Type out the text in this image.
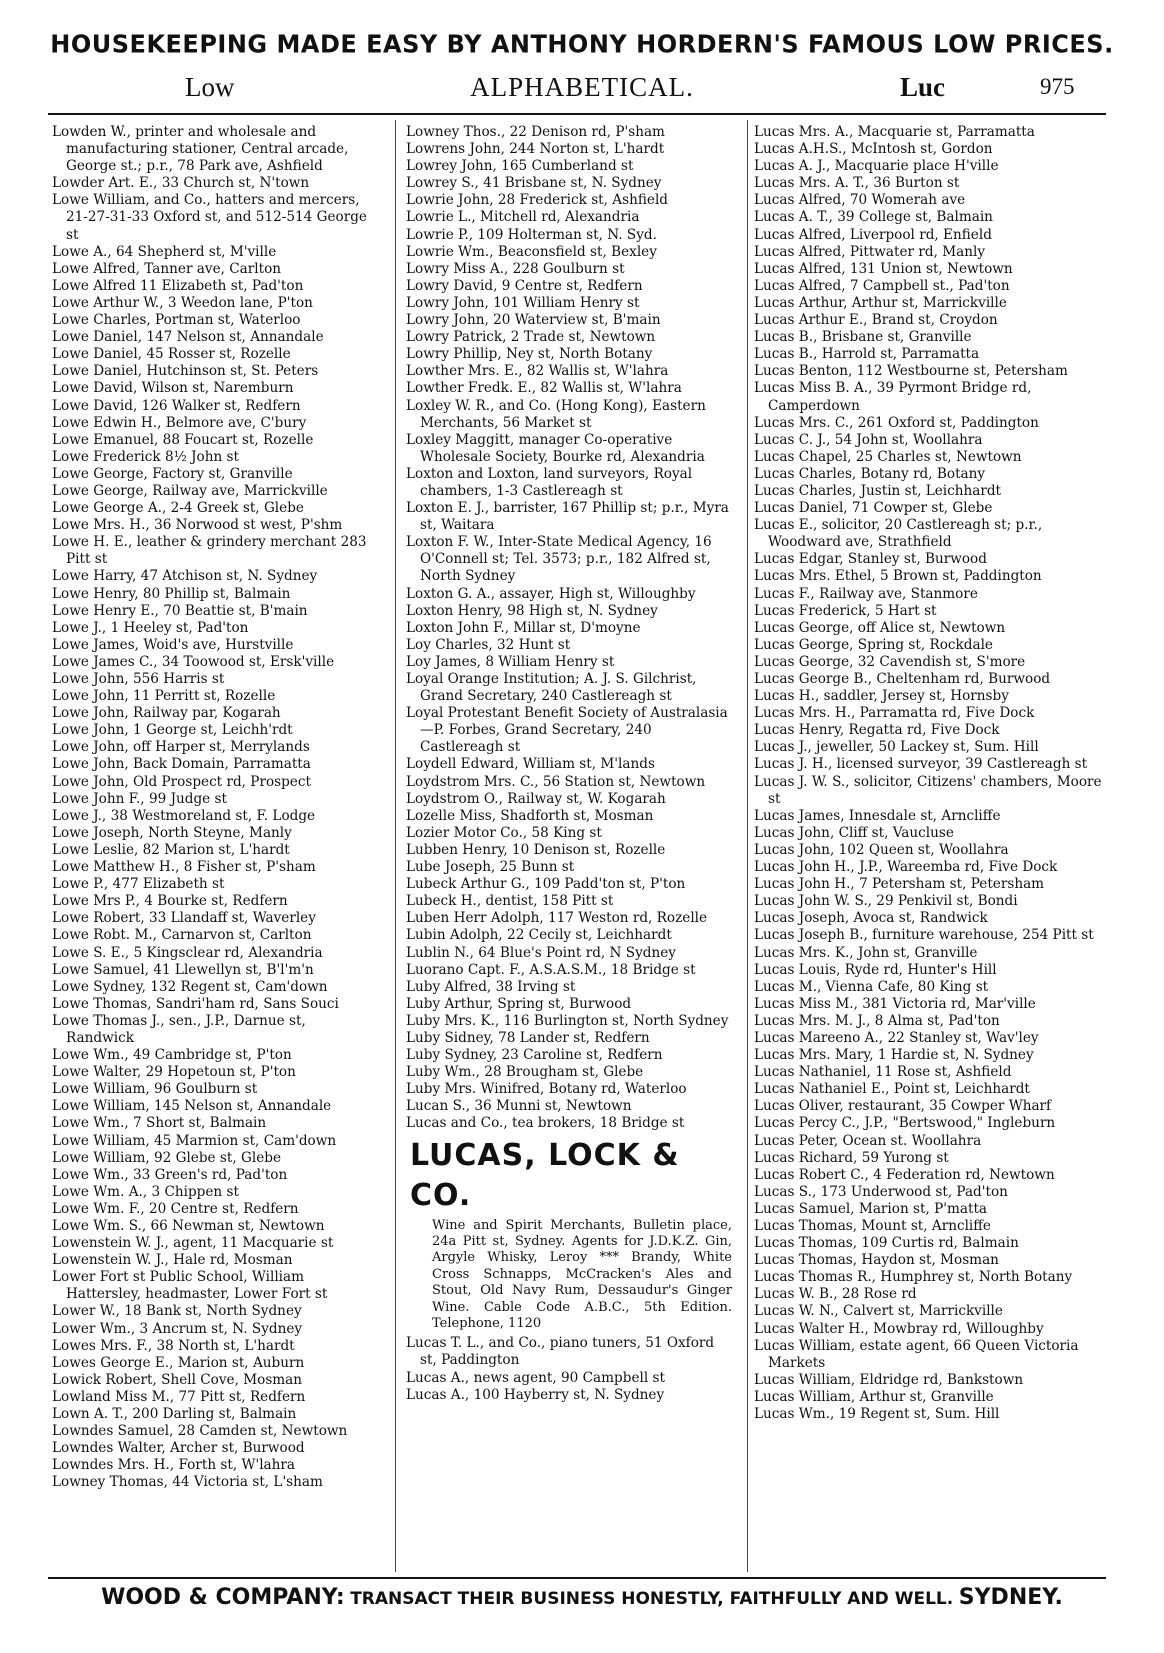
HOUSEKEEPING MADE EASY BY ANTHONY HORDERN'S FAMOUS LOW PRICES.
Low	ALPHABETICAL.	Luc	975
Lowden W., printer and wholesale and manufacturing stationer, Central arcade, George st.; p.r., 78 Park ave, Ashfield
Lowder Art. E., 33 Church st, N'town
Lowe William, and Co., hatters and mercers, 21-27-31-33 Oxford st, and 512-514 George st
Lowe A., 64 Shepherd st, M'ville
Lowe Alfred, Tanner ave, Carlton
Lowe Alfred 11 Elizabeth st, Pad'ton
Lowe Arthur W., 3 Weedon lane, P'ton
Lowe Charles, Portman st, Waterloo
Lowe Daniel, 147 Nelson st, Annandale
Lowe Daniel, 45 Rosser st, Rozelle
Lowe Daniel, Hutchinson st, St. Peters
Lowe David, Wilson st, Naremburn
Lowe David, 126 Walker st, Redfern
Lowe Edwin H., Belmore ave, C'bury
Lowe Emanuel, 88 Foucart st, Rozelle
Lowe Frederick 8½ John st
Lowe George, Factory st, Granville
Lowe George, Railway ave, Marrickville
Lowe George A., 2-4 Greek st, Glebe
Lowe Mrs. H., 36 Norwood st west, P'shm
Lowe H. E., leather & grindery merchant 283 Pitt st
Lowe Harry, 47 Atchison st, N. Sydney
Lowe Henry, 80 Phillip st, Balmain
Lowe Henry E., 70 Beattie st, B'main
Lowe J., 1 Heeley st, Pad'ton
Lowe James, Woid's ave, Hurstville
Lowe James C., 34 Toowood st, Ersk'ville
Lowe John, 556 Harris st
Lowe John, 11 Perritt st, Rozelle
Lowe John, Railway par, Kogarah
Lowe John, 1 George st, Leichh'rdt
Lowe John, off Harper st, Merrylands
Lowe John, Back Domain, Parramatta
Lowe John, Old Prospect rd, Prospect
Lowe John F., 99 Judge st
Lowe J., 38 Westmoreland st, F. Lodge
Lowe Joseph, North Steyne, Manly
Lowe Leslie, 82 Marion st, L'hardt
Lowe Matthew H., 8 Fisher st, P'sham
Lowe P., 477 Elizabeth st
Lowe Mrs P., 4 Bourke st, Redfern
Lowe Robert, 33 Llandaff st, Waverley
Lowe Robt. M., Carnarvon st, Carlton
Lowe S. E., 5 Kingsclear rd, Alexandria
Lowe Samuel, 41 Llewellyn st, B'l'm'n
Lowe Sydney, 132 Regent st, Cam'down
Lowe Thomas, Sandri'ham rd, Sans Souci
Lowe Thomas J., sen., J.P., Darnue st, Randwick
Lowe Wm., 49 Cambridge st, P'ton
Lowe Walter, 29 Hopetoun st, P'ton
Lowe William, 96 Goulburn st
Lowe William, 145 Nelson st, Annandale
Lowe Wm., 7 Short st, Balmain
Lowe William, 45 Marmion st, Cam'down
Lowe William, 92 Glebe st, Glebe
Lowe Wm., 33 Green's rd, Pad'ton
Lowe Wm. A., 3 Chippen st
Lowe Wm. F., 20 Centre st, Redfern
Lowe Wm. S., 66 Newman st, Newtown
Lowenstein W. J., agent, 11 Macquarie st
Lowenstein W. J., Hale rd, Mosman
Lower Fort st Public School, William Hattersley, headmaster, Lower Fort st
Lower W., 18 Bank st, North Sydney
Lower Wm., 3 Ancrum st, N. Sydney
Lowes Mrs. F., 38 North st, L'hardt
Lowes George E., Marion st, Auburn
Lowick Robert, Shell Cove, Mosman
Lowland Miss M., 77 Pitt st, Redfern
Lown A. T., 200 Darling st, Balmain
Lowndes Samuel, 28 Camden st, Newtown
Lowndes Walter, Archer st, Burwood
Lowndes Mrs. H., Forth st, W'lahra
Lowney Thomas, 44 Victoria st, L'sham
Lowney Thos., 22 Denison rd, P'sham
Lowrens John, 244 Norton st, L'hardt
Lowrey John, 165 Cumberland st
Lowrey S., 41 Brisbane st, N. Sydney
Lowrie John, 28 Frederick st, Ashfield
Lowrie L., Mitchell rd, Alexandria
Lowrie P., 109 Holterman st, N. Syd.
Lowrie Wm., Beaconsfield st, Bexley
Lowry Miss A., 228 Goulburn st
Lowry David, 9 Centre st, Redfern
Lowry John, 101 William Henry st
Lowry John, 20 Waterview st, B'main
Lowry Patrick, 2 Trade st, Newtown
Lowry Phillip, Ney st, North Botany
Lowther Mrs. E., 82 Wallis st, W'lahra
Lowther Fredk. E., 82 Wallis st, W'lahra
Loxley W. R., and Co. (Hong Kong), Eastern Merchants, 56 Market st
Loxley Maggitt, manager Co-operative Wholesale Society, Bourke rd, Alexandria
Loxton and Loxton, land surveyors, Royal chambers, 1-3 Castlereagh st
Loxton E. J., barrister, 167 Phillip st; p.r., Myra st, Waitara
Loxton F. W., Inter-State Medical Agency, 16 O'Connell st; Tel. 3573; p.r., 182 Alfred st, North Sydney
Loxton G. A., assayer, High st, Willoughby
Loxton Henry, 98 High st, N. Sydney
Loxton John F., Millar st, D'moyne
Loy Charles, 32 Hunt st
Loy James, 8 William Henry st
Loyal Orange Institution; A. J. S. Gilchrist, Grand Secretary, 240 Castlereagh st
Loyal Protestant Benefit Society of Australasia—P. Forbes, Grand Secretary, 240 Castlereagh st
Loydell Edward, William st, M'lands
Loydstrom Mrs. C., 56 Station st, Newtown
Loydstrom O., Railway st, W. Kogarah
Lozelle Miss, Shadforth st, Mosman
Lozier Motor Co., 58 King st
Lubben Henry, 10 Denison st, Rozelle
Lube Joseph, 25 Bunn st
Lubeck Arthur G., 109 Padd'ton st, P'ton
Lubeck H., dentist, 158 Pitt st
Luben Herr Adolph, 117 Weston rd, Rozelle
Lubin Adolph, 22 Cecily st, Leichhardt
Lublin N., 64 Blue's Point rd, N Sydney
Luorano Capt. F., A.S.A.S.M., 18 Bridge st
Luby Alfred, 38 Irving st
Luby Arthur, Spring st, Burwood
Luby Mrs. K., 116 Burlington st, North Sydney
Luby Sidney, 78 Lander st, Redfern
Luby Sydney, 23 Caroline st, Redfern
Luby Wm., 28 Brougham st, Glebe
Luby Mrs. Winifred, Botany rd, Waterloo
Lucan S., 36 Munni st, Newtown
Lucas and Co., tea brokers, 18 Bridge st
LUCAS, LOCK & CO.
Wine and Spirit Merchants, Bulletin place, 24a Pitt st, Sydney. Agents for J.D.K.Z. Gin, Argyle Whisky, Leroy *** Brandy, White Cross Schnapps, McCracken's Ales and Stout, Old Navy Rum, Dessaudur's Ginger Wine. Cable Code A.B.C., 5th Edition. Telephone, 1120
Lucas T. L., and Co., piano tuners, 51 Oxford st, Paddington
Lucas A., news agent, 90 Campbell st
Lucas A., 100 Hayberry st, N. Sydney
Lucas Mrs. A., Macquarie st, Parramatta
Lucas A.H.S., McIntosh st, Gordon
Lucas A. J., Macquarie place H'ville
Lucas Mrs. A. T., 36 Burton st
Lucas Alfred, 70 Womerah ave
Lucas A. T., 39 College st, Balmain
Lucas Alfred, Liverpool rd, Enfield
Lucas Alfred, Pittwater rd, Manly
Lucas Alfred, 131 Union st, Newtown
Lucas Alfred, 7 Campbell st., Pad'ton
Lucas Arthur, Arthur st, Marrickville
Lucas Arthur E., Brand st, Croydon
Lucas B., Brisbane st, Granville
Lucas B., Harrold st, Parramatta
Lucas Benton, 112 Westbourne st, Petersham
Lucas Miss B. A., 39 Pyrmont Bridge rd, Camperdown
Lucas Mrs. C., 261 Oxford st, Paddington
Lucas C. J., 54 John st, Woollahra
Lucas Chapel, 25 Charles st, Newtown
Lucas Charles, Botany rd, Botany
Lucas Charles, Justin st, Leichhardt
Lucas Daniel, 71 Cowper st, Glebe
Lucas E., solicitor, 20 Castlereagh st; p.r., Woodward ave, Strathfield
Lucas Edgar, Stanley st, Burwood
Lucas Mrs. Ethel, 5 Brown st, Paddington
Lucas F., Railway ave, Stanmore
Lucas Frederick, 5 Hart st
Lucas George, off Alice st, Newtown
Lucas George, Spring st, Rockdale
Lucas George, 32 Cavendish st, S'more
Lucas George B., Cheltenham rd, Burwood
Lucas H., saddler, Jersey st, Hornsby
Lucas Mrs. H., Parramatta rd, Five Dock
Lucas Henry, Regatta rd, Five Dock
Lucas J., jeweller, 50 Lackey st, Sum. Hill
Lucas J. H., licensed surveyor, 39 Castlereagh st
Lucas J. W. S., solicitor, Citizens' chambers, Moore st
Lucas James, Innesdale st, Arncliffe
Lucas John, Cliff st, Vaucluse
Lucas John, 102 Queen st, Woollahra
Lucas John H., J.P., Wareemba rd, Five Dock
Lucas John H., 7 Petersham st, Petersham
Lucas John W. S., 29 Penkivil st, Bondi
Lucas Joseph, Avoca st, Randwick
Lucas Joseph B., furniture warehouse, 254 Pitt st
Lucas Mrs. K., John st, Granville
Lucas Louis, Ryde rd, Hunter's Hill
Lucas M., Vienna Cafe, 80 King st
Lucas Miss M., 381 Victoria rd, Mar'ville
Lucas Mrs. M. J., 8 Alma st, Pad'ton
Lucas Mareeno A., 22 Stanley st, Wav'ley
Lucas Mrs. Mary, 1 Hardie st, N. Sydney
Lucas Nathaniel, 11 Rose st, Ashfield
Lucas Nathaniel E., Point st, Leichhardt
Lucas Oliver, restaurant, 35 Cowper Wharf
Lucas Percy C., J.P., "Bertswood," Ingleburn
Lucas Peter, Ocean st. Woollahra
Lucas Richard, 59 Yurong st
Lucas Robert C., 4 Federation rd, Newtown
Lucas S., 173 Underwood st, Pad'ton
Lucas Samuel, Marion st, P'matta
Lucas Thomas, Mount st, Arncliffe
Lucas Thomas, 109 Curtis rd, Balmain
Lucas Thomas, Haydon st, Mosman
Lucas Thomas R., Humphrey st, North Botany
Lucas W. B., 28 Rose rd
Lucas W. N., Calvert st, Marrickville
Lucas Walter H., Mowbray rd, Willoughby
Lucas William, estate agent, 66 Queen Victoria Markets
Lucas William, Eldridge rd, Bankstown
Lucas William, Arthur st, Granville
Lucas Wm., 19 Regent st, Sum. Hill
WOOD & COMPANY: TRANSACT THEIR BUSINESS HONESTLY, FAITHFULLY AND WELL. SYDNEY.
